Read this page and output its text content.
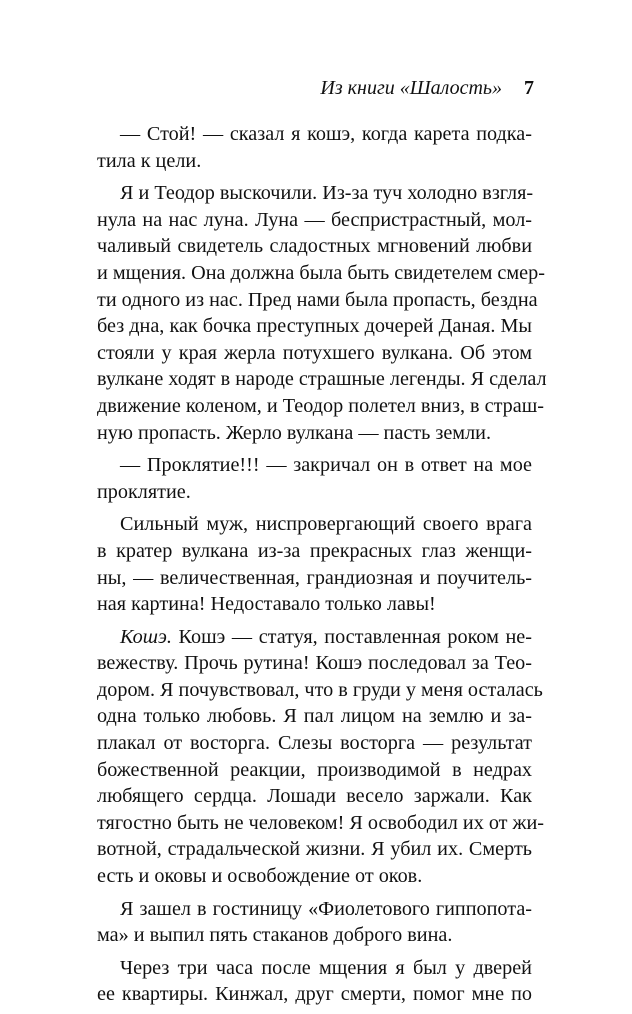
Из книги «Шалость» 7
— Стой! — сказал я кошэ, когда карета подка-
тила к цели.
Я и Теодор выскочили. Из-за туч холодно взгля-
нула на нас луна. Луна — беспристрастный, мол-
чаливый свидетель сладостных мгновений любви
и мщения. Она должна была быть свидетелем смер-
ти одного из нас. Пред нами была пропасть, бездна
без дна, как бочка преступных дочерей Даная. Мы
стояли у края жерла потухшего вулкана. Об этом
вулкане ходят в народе страшные легенды. Я сделал
движение коленом, и Теодор полетел вниз, в страш-
ную пропасть. Жерло вулкана — пасть земли.
— Проклятие!!! — закричал он в ответ на мое
проклятие.
Сильный муж, ниспровергающий своего врага
в кратер вулкана из-за прекрасных глаз женщи-
ны, — величественная, грандиозная и поучитель-
ная картина! Недоставало только лавы!
Кошэ. Кошэ — статуя, поставленная роком не-
вежеству. Прочь рутина! Кошэ последовал за Тео-
дором. Я почувствовал, что в груди у меня осталась
одна только любовь. Я пал лицом на землю и за-
плакал от восторга. Слезы восторга — результат
божественной реакции, производимой в недрах
любящего сердца. Лошади весело заржали. Как
тягостно быть не человеком! Я освободил их от жи-
вотной, страдальческой жизни. Я убил их. Смерть
есть и оковы и освобождение от оков.
Я зашел в гостиницу «Фиолетового гиппопота-
ма» и выпил пять стаканов доброго вина.
Через три часа после мщения я был у дверей
ее квартиры. Кинжал, друг смерти, помог мне по
